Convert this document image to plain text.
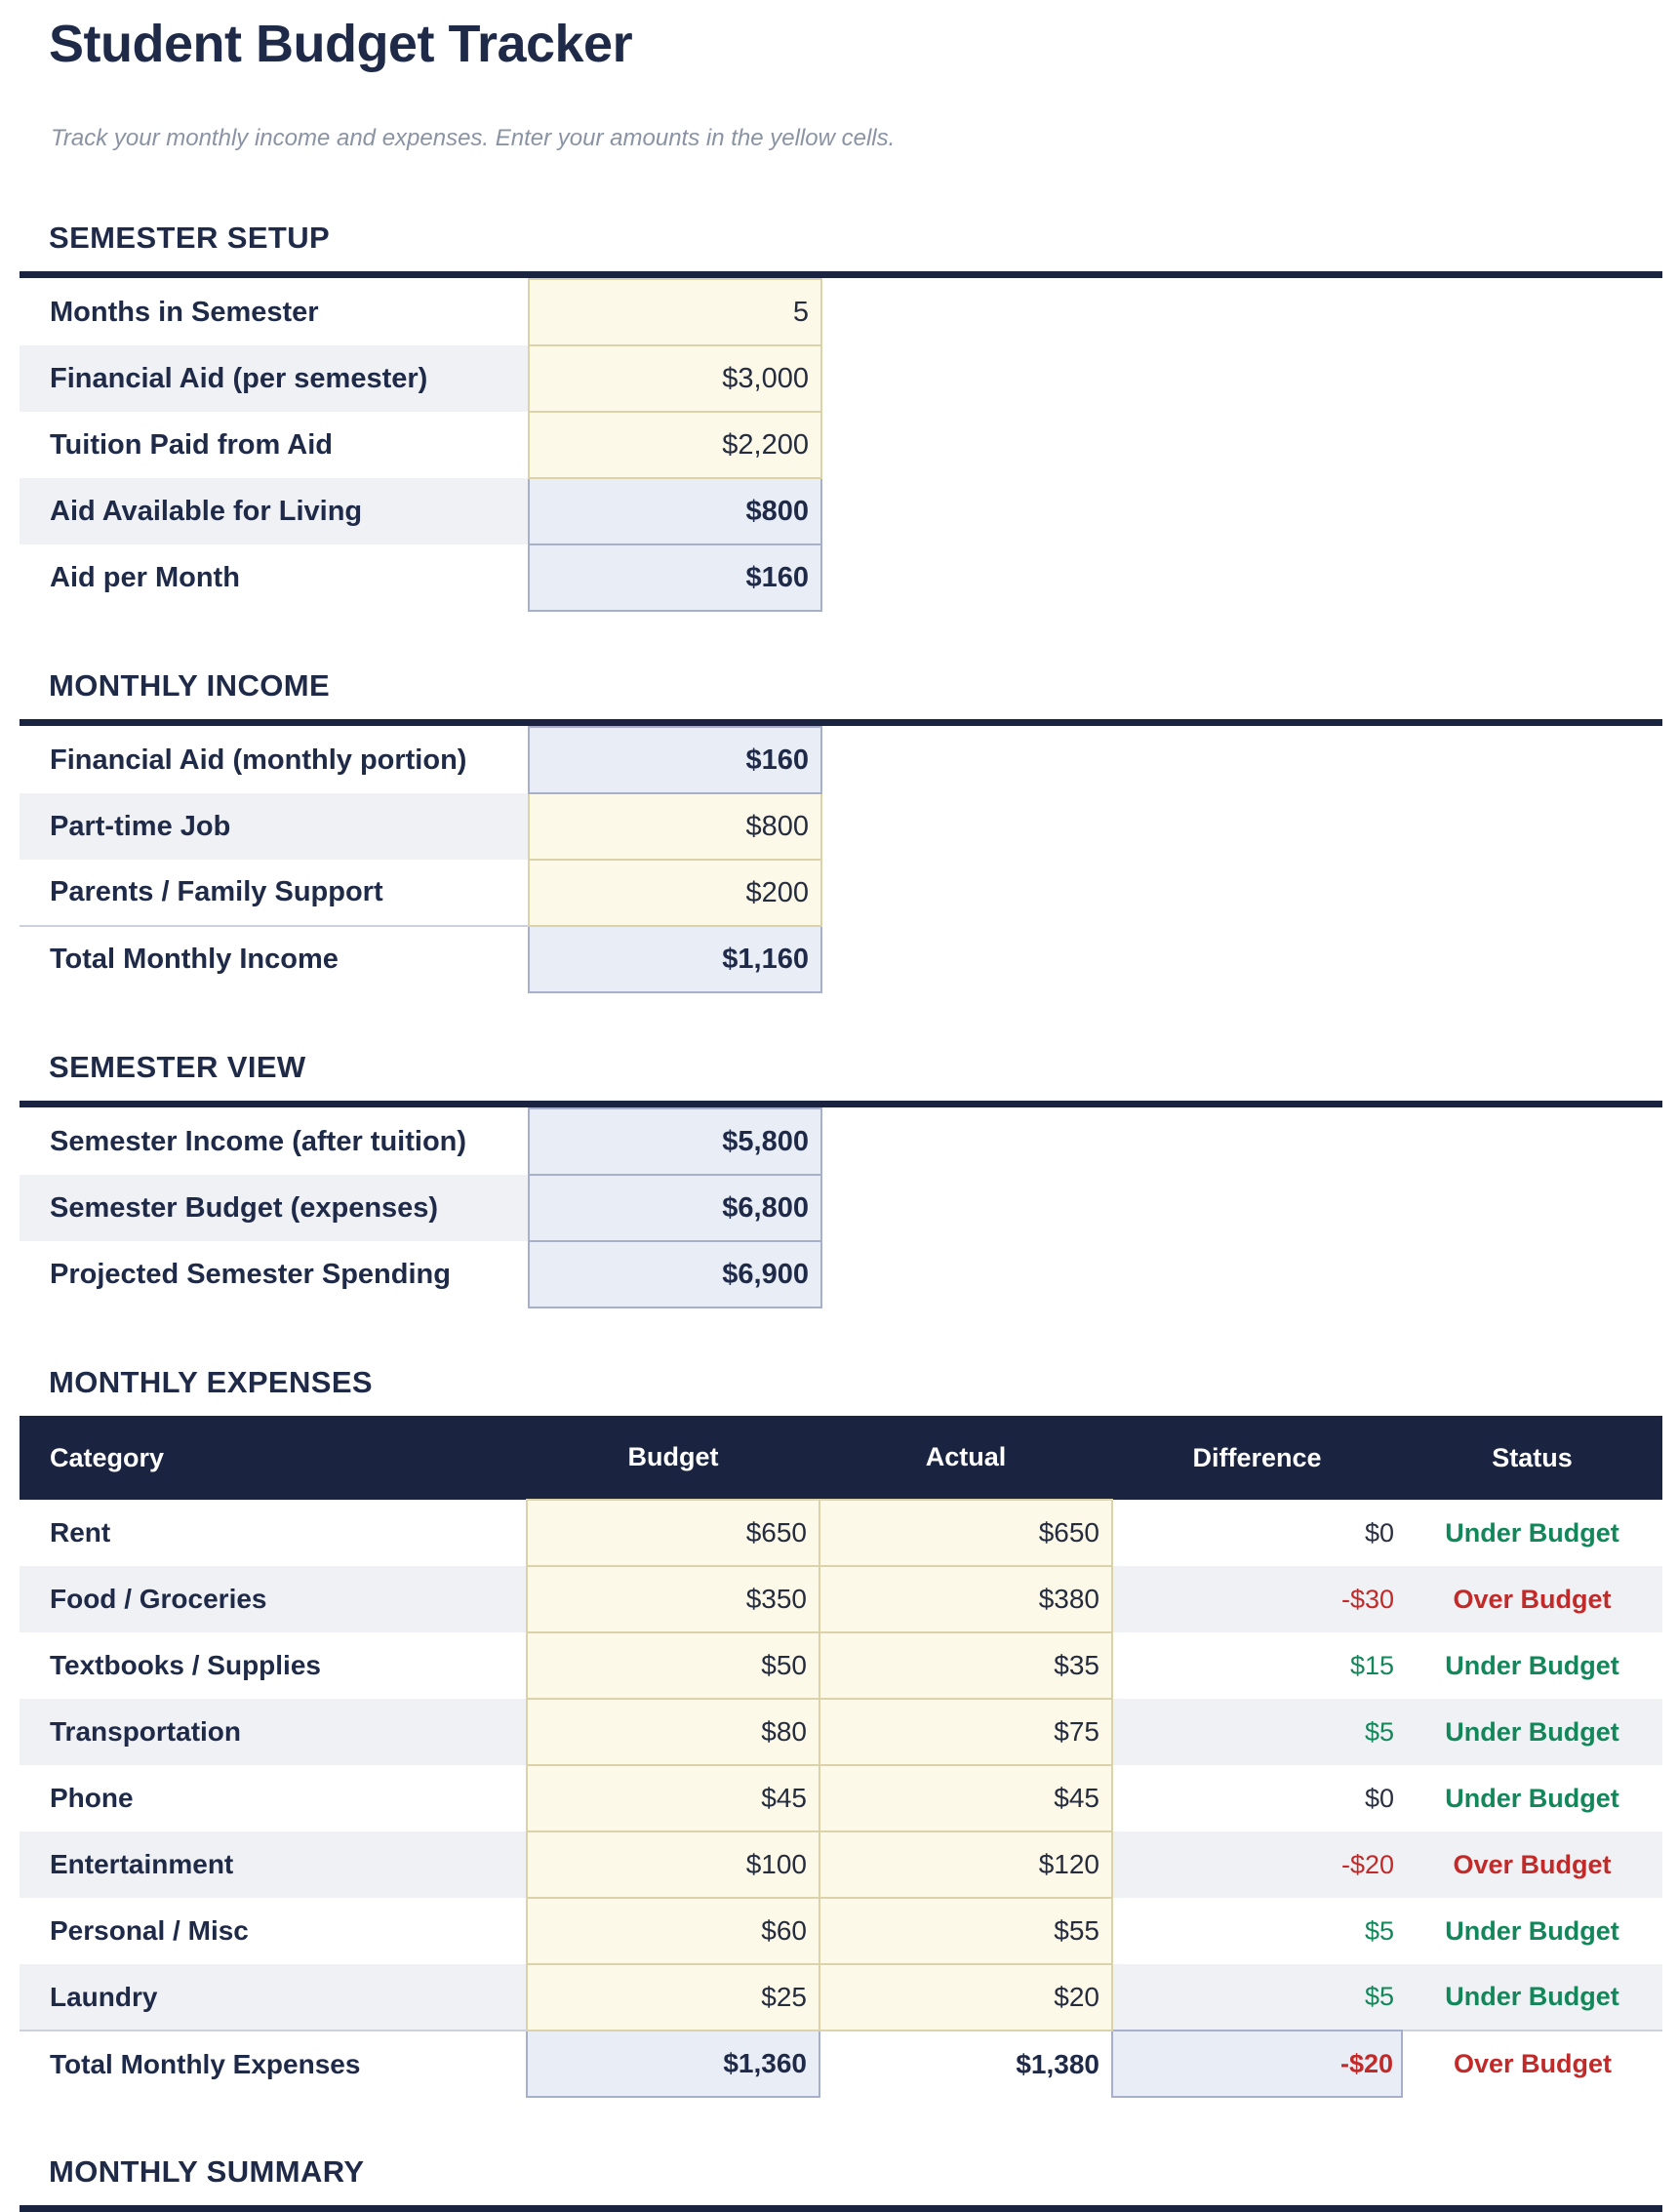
Student Budget Tracker
Track your monthly income and expenses. Enter your amounts in the yellow cells.
SEMESTER SETUP
Months in Semester	5
Financial Aid (per semester)	$3,000
Tuition Paid from Aid	$2,200
Aid Available for Living	$800
Aid per Month	$160
MONTHLY INCOME
Financial Aid (monthly portion)	$160
Part-time Job	$800
Parents / Family Support	$200
Total Monthly Income	$1,160
SEMESTER VIEW
Semester Income (after tuition)	$5,800
Semester Budget (expenses)	$6,800
Projected Semester Spending	$6,900
MONTHLY EXPENSES
Category	Budget	Actual	Difference	Status
Rent	$650	$650	$0	Under Budget
Food / Groceries	$350	$380	-$30	Over Budget
Textbooks / Supplies	$50	$35	$15	Under Budget
Transportation	$80	$75	$5	Under Budget
Phone	$45	$45	$0	Under Budget
Entertainment	$100	$120	-$20	Over Budget
Personal / Misc	$60	$55	$5	Under Budget
Laundry	$25	$20	$5	Under Budget
Total Monthly Expenses	$1,360	$1,380	-$20	Over Budget
MONTHLY SUMMARY
